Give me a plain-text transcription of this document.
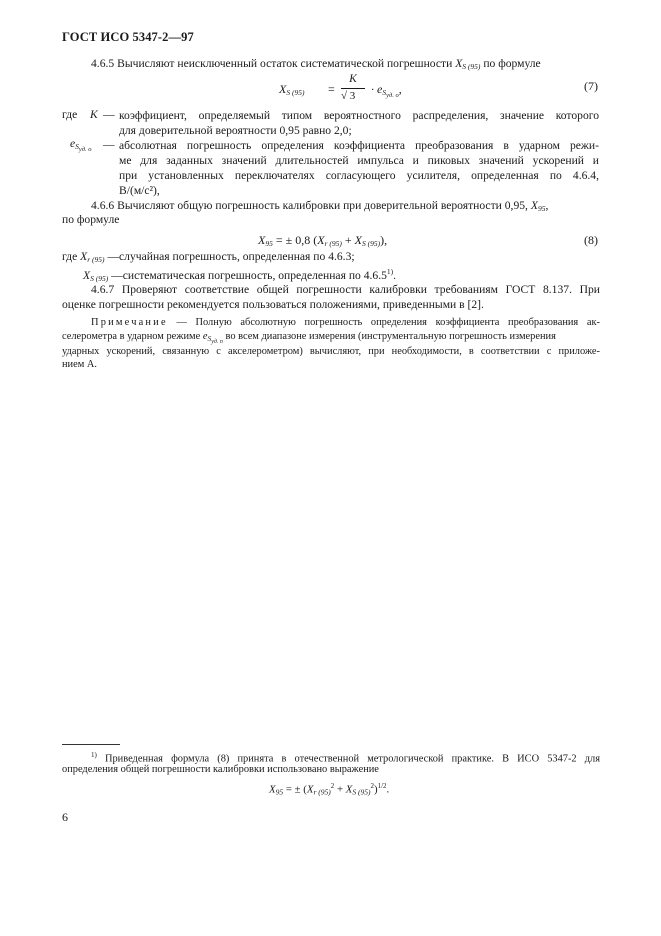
ГОСТ ИСО 5347-2—97
4.6.5 Вычисляют неисключенный остаток систематической погрешности $X_{S (95)}$ по формуле
$X_{S (95)}$ =
K
√ $3 \cdot e_{S_{уд. о}}$,	(7)
где K — коэффициент, определяемый типом вероятностного распределения, значение которого
для доверительной вероятности 0,95 равно 2,0;
$e_{S_{уд. о}}$ — абсолютная погрешность определения коэффициента преобразования в ударном режи-
ме для заданных значений длительностей импульса и пиковых значений ускорений и
при установленных переключателях согласующего усилителя, определенная по 4.6.4,
В/(м/с²),
4.6.6 Вычисляют общую погрешность калибровки при доверительной вероятности 0,95, $X_{95}$,
по формуле
$X_{95}$ = ± 0,8 $(X_{r (95)} + X_{S (95)})$,	(8)
где $X_{r (95)}$ —случайная погрешность, определенная по 4.6.3;
$X_{S (95)}$ —систематическая погрешность, определенная по 4.6.5$^{1)}$.
4.6.7 Проверяют соответствие общей погрешности калибровки требованиям ГОСТ 8.137. При
оценке погрешности рекомендуется пользоваться положениями, приведенными в [2].
Примечание — Полную абсолютную погрешность определения коэффициента преобразования ак-
селерометра в ударном режиме $e_{S_{уд. п}}$ во всем диапазоне измерения (инструментальную погрешность измерения
ударных ускорений, связанную с акселерометром) вычисляют, при необходимости, в соответствии с приложе-
нием А.
$^{1)}$ Приведенная формула (8) принята в отечественной метрологической практике. В ИСО 5347-2 для
определения общей погрешности калибровки использовано выражение
$X_{95}$ = ± $(X_{r (95)}^2 + X_{S (95)}^2)^{1/2}$.
6
